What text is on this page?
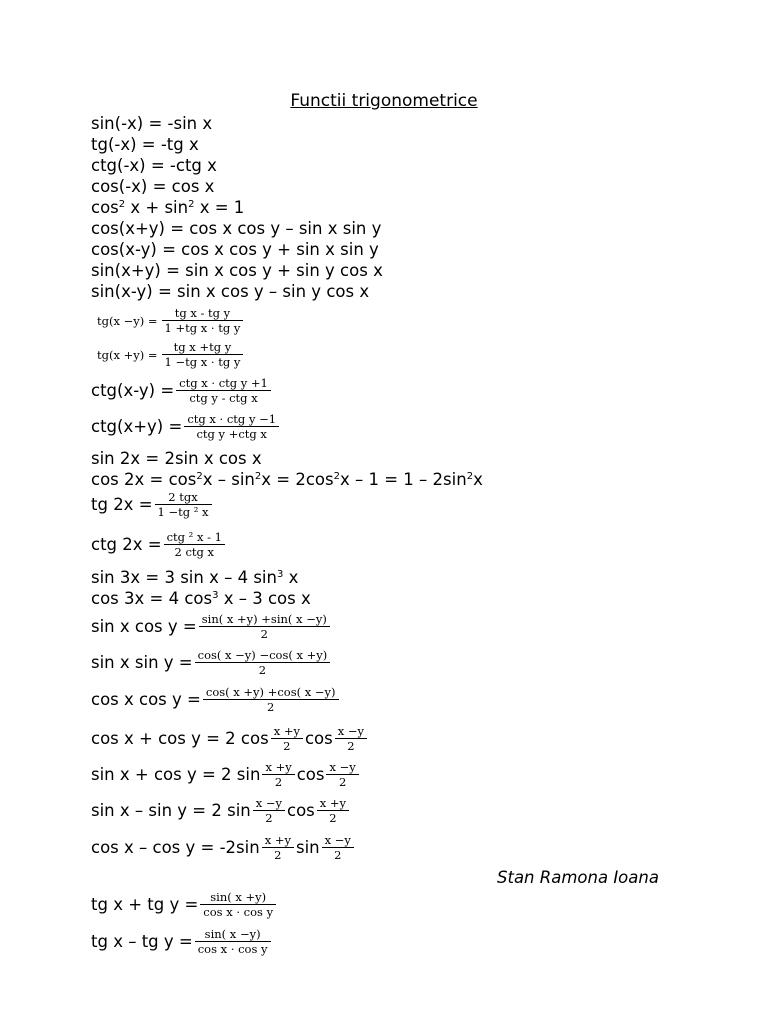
Functii trigonometrice
sin(-x) = -sin x
tg(-x) = -tg x
ctg(-x) = -ctg x
cos(-x) = cos x
$\cos^2 x + \sin^2 x = 1$
cos(x+y) = cos x cos y – sin x sin y
cos(x-y) = cos x cos y + sin x sin y
sin(x+y) = sin x cos y + sin y cos x
sin(x-y) = sin x cos y – sin y cos x
$tg(x -y) = \frac{\text{tg x - tg y}}{\text{1 +tg x · tg y}}$
$tg(x +y) = \frac{\text{tg x +tg y}}{\text{1 −tg x · tg y}}$
$ctg(x-y) = \frac{\text{ctg x · ctg y +1}}{\text{ctg y - ctg x}}$
$ctg(x+y) = \frac{\text{ctg x · ctg y −1}}{\text{ctg y +ctg x}}$
sin 2x = 2sin x cos x
$\cos 2x = \cos^2x - \sin^2x = 2\cos^2x - 1 = 1 - 2\sin^2x$
tg $2x = \frac{\text{2 tgx}}{\text{1 −tg ² x}}$
ctg $2x = \frac{\text{ctg ² x - 1}}{\text{2 ctg x}}$
sin 3x = 3 sin x – 4 $\sin^3 x$
cos 3x = 4 $\cos^3 x - 3$ cos x
sin x $\cos y = \frac{\sin( x +y) +\sin( x -y)}{2}$
sin x $\sin y = \frac{\cos( x -y) -\cos( x +y)}{2}$
cos x $\cos y = \frac{\cos( x +y) +\cos( x -y)}{2}$
cos x + cos y = 2 $\cos \frac{x +y}{2}$ $\cos \frac{x -y}{2}$
sin x + cos y = 2 $\sin \frac{x +y}{2}$ $\cos \frac{x -y}{2}$
sin x – sin y = 2 $\sin \frac{x -y}{2}$ $\cos \frac{x +y}{2}$
$\cos x - \cos y = -2\sin \frac{x +y}{2}$ $\sin \frac{x -y}{2}$
Stan Ramona Ioana
tg x + tg $y = \frac{\sin( x +y)}{\text{cos x · cos y}}$
tg x – tg $y = \frac{\sin( x -y)}{\text{cos x · cos y}}$
